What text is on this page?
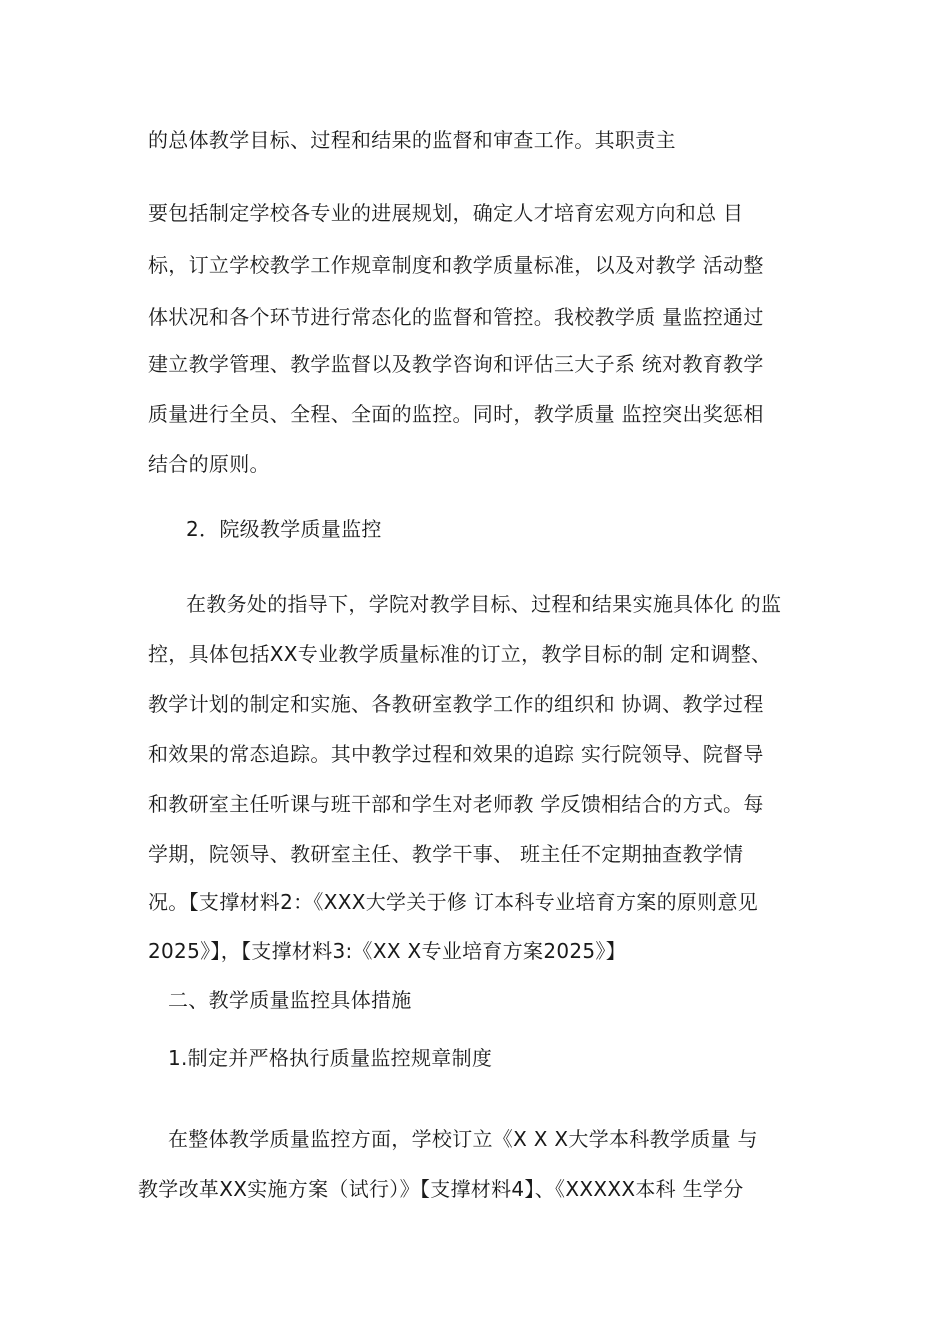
的总体教学目标、过程和结果的监督和审查工作。其职责主
要包括制定学校各专业的进展规划，确定人才培育宏观方向和总 目
标，订立学校教学工作规章制度和教学质量标准，以及对教学 活动整
体状况和各个环节进行常态化的监督和管控。我校教学质 量监控通过
建立教学管理、教学监督以及教学咨询和评估三大子系 统对教育教学
质量进行全员、全程、全面的监控。同时，教学质量 监控突出奖惩相
结合的原则。
2．院级教学质量监控
在教务处的指导下，学院对教学目标、过程和结果实施具体化 的监
控，具体包括XX专业教学质量标准的订立，教学目标的制 定和调整、
教学计划的制定和实施、各教研室教学工作的组织和 协调、教学过程
和效果的常态追踪。其中教学过程和效果的追踪 实行院领导、院督导
和教研室主任听课与班干部和学生对老师教 学反馈相结合的方式。每
学期，院领导、教研室主任、教学干事、 班主任不定期抽查教学情
况。【支撑材料2：《XXX大学关于修 订本科专业培育方案的原则意见
2025》】，【支撑材料3:《XX X专业培育方案2025》】
二、教学质量监控具体措施
1.制定并严格执行质量监控规章制度
在整体教学质量监控方面，学校订立《X X X大学本科教学质量 与
教学改革XX实施方案（试行）》【支撑材料4】、《XXXXX本科 生学分
